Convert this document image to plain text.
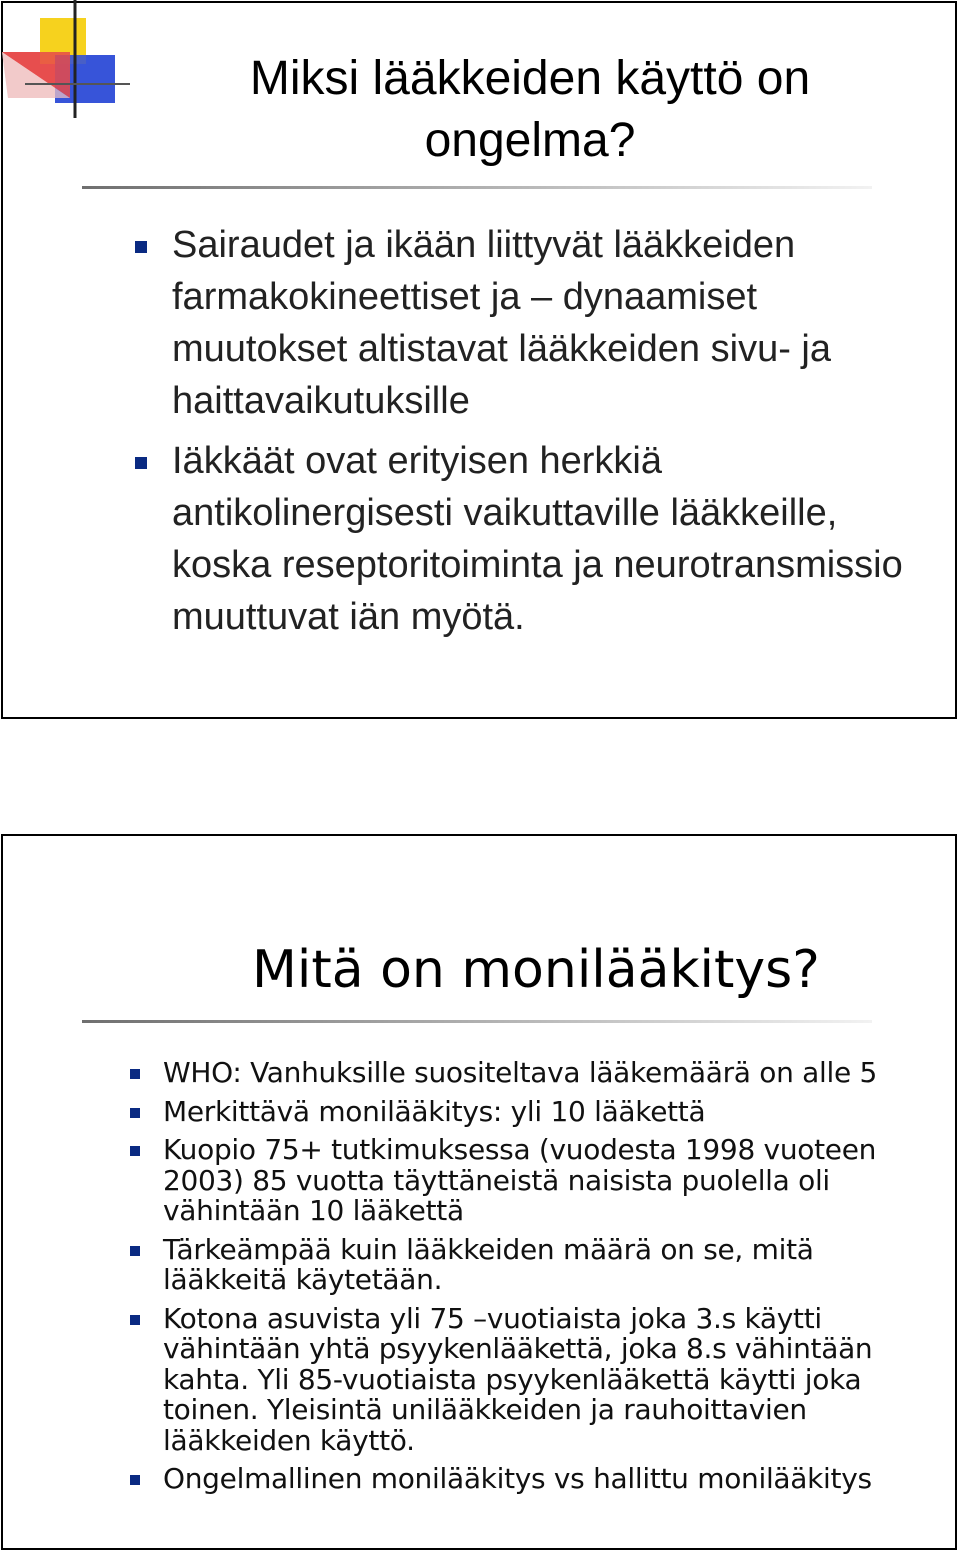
Miksi lääkkeiden käyttö on ongelma?
Sairaudet ja ikään liittyvät lääkkeiden farmakokineettiset ja – dynaamiset muutokset altistavat lääkkeiden sivu- ja haittavaikutuksille
Iäkkäät ovat erityisen herkkiä antikolinergisesti vaikuttaville lääkkeille, koska reseptoritoiminta ja neurotransmissio muuttuvat iän myötä.
Mitä on monilääkitys?
WHO: Vanhuksille suositeltava lääkemäärä on alle 5
Merkittävä monilääkitys: yli 10 lääkettä
Kuopio 75+ tutkimuksessa (vuodesta 1998 vuoteen 2003) 85 vuotta täyttäneistä naisista puolella oli vähintään 10 lääkettä
Tärkeämpää kuin lääkkeiden määrä on se, mitä lääkkeitä käytetään.
Kotona asuvista yli 75 –vuotiaista joka 3.s käytti vähintään yhtä psyykenlääkettä, joka 8.s vähintään kahta. Yli 85-vuotiaista psyykenlääkettä käytti joka toinen. Yleisintä unilääkkeiden ja rauhoittavien lääkkeiden käyttö.
Ongelmallinen monilääkitys vs hallittu monilääkitys
